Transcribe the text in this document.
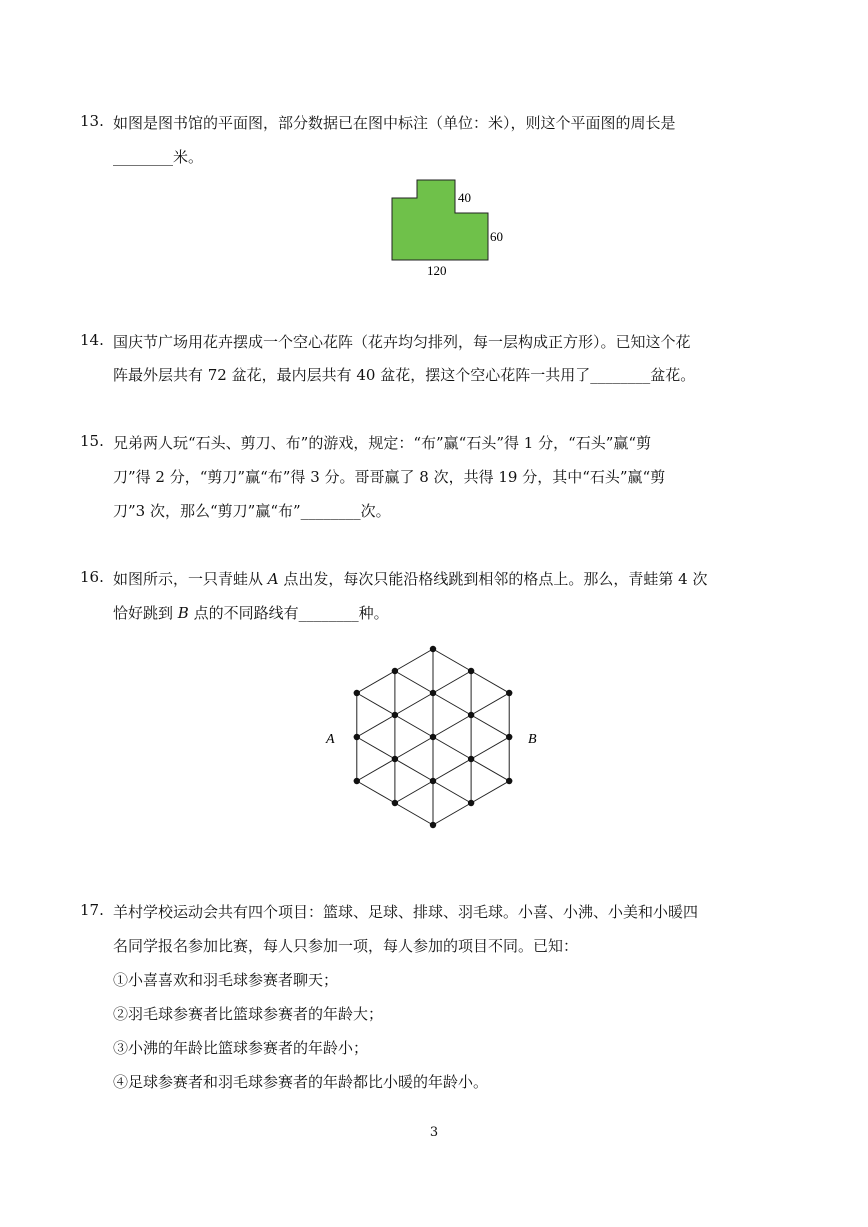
13. 如图是图书馆的平面图，部分数据已在图中标注（单位：米），则这个平面图的周长是
________米。
40
60
120
14. 国庆节广场用花卉摆成一个空心花阵（花卉均匀排列，每一层构成正方形）。已知这个花
阵最外层共有 72 盆花，最内层共有 40 盆花，摆这个空心花阵一共用了________盆花。
15. 兄弟两人玩“石头、剪刀、布”的游戏，规定：“布”赢“石头”得 1 分，“石头”赢“剪
刀”得 2 分，“剪刀”赢“布”得 3 分。哥哥赢了 8 次，共得 19 分，其中“石头”赢“剪
刀”3 次，那么“剪刀”赢“布”________次。
16. 如图所示，一只青蛙从 A 点出发，每次只能沿格线跳到相邻的格点上。那么，青蛙第 4 次
恰好跳到 B 点的不同路线有________种。
A	B
17. 羊村学校运动会共有四个项目：篮球、足球、排球、羽毛球。小喜、小沸、小美和小暖四
名同学报名参加比赛，每人只参加一项，每人参加的项目不同。已知：
①小喜喜欢和羽毛球参赛者聊天；
②羽毛球参赛者比篮球参赛者的年龄大；
③小沸的年龄比篮球参赛者的年龄小；
④足球参赛者和羽毛球参赛者的年龄都比小暖的年龄小。
3
